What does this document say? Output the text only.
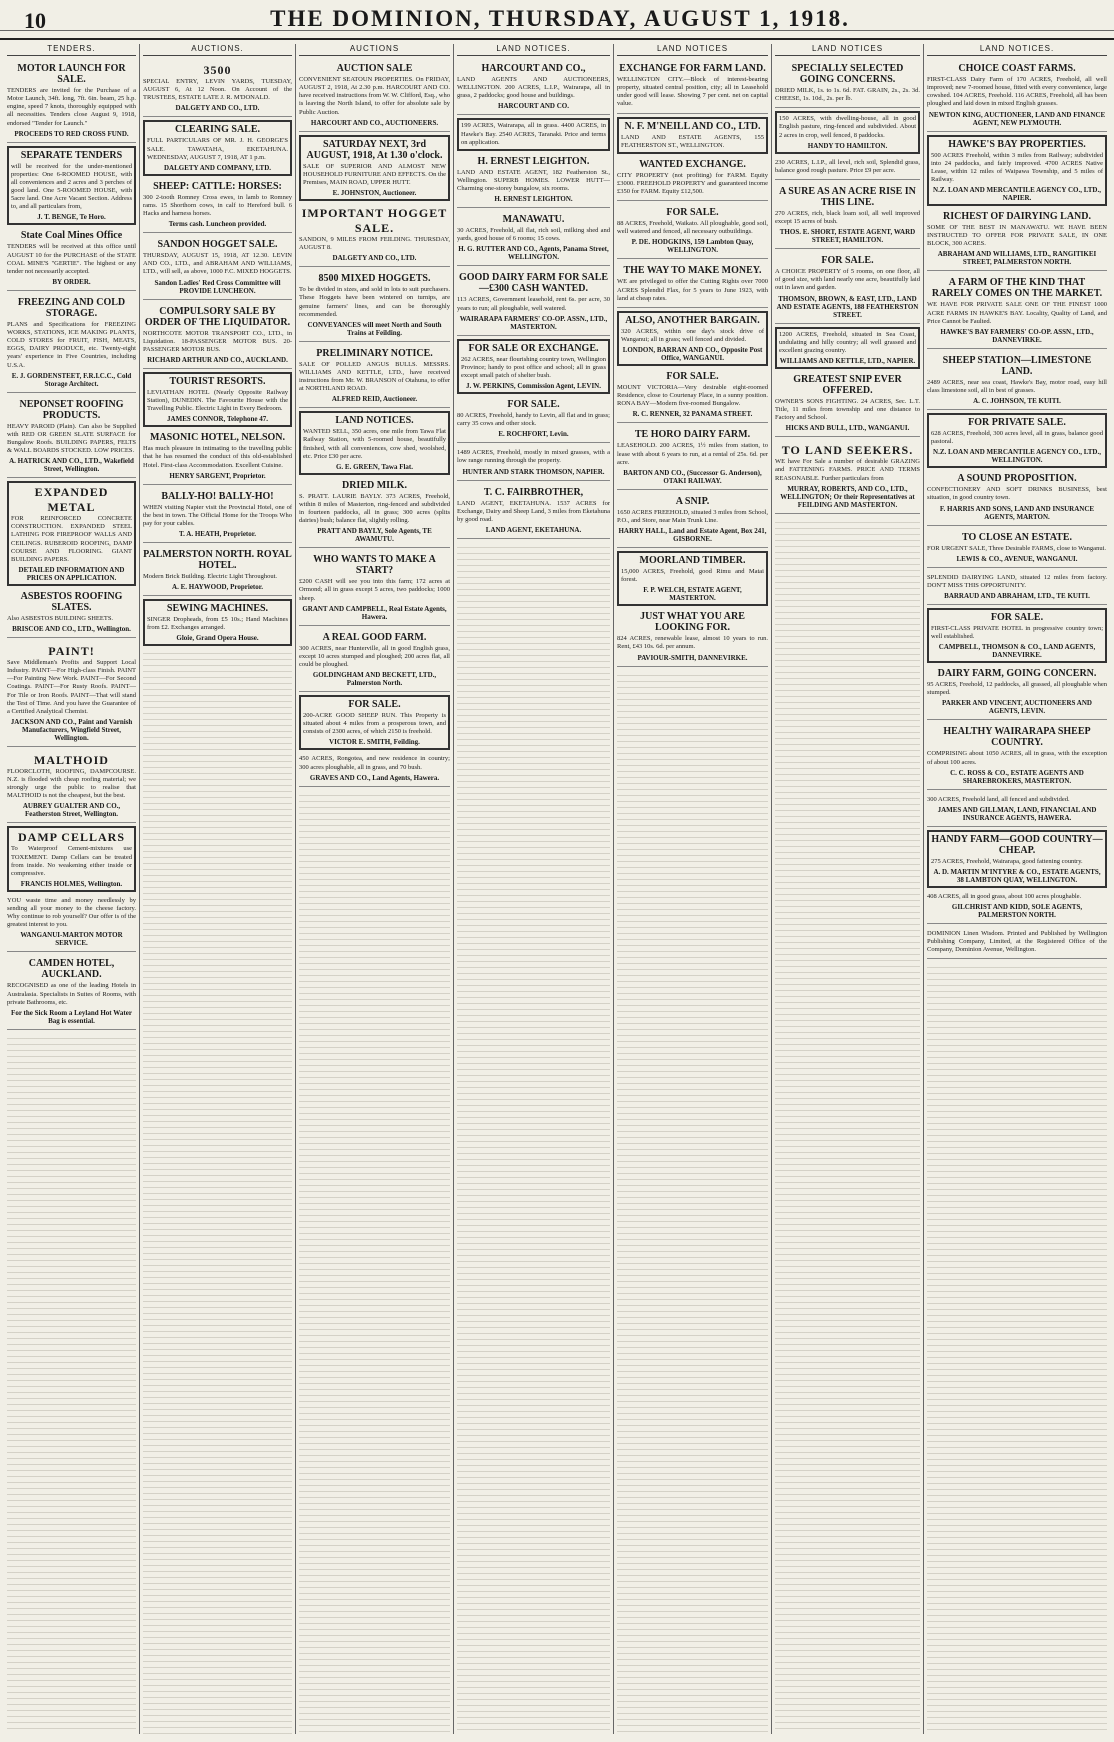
10	THE DOMINION, THURSDAY, AUGUST 1, 1918.
TENDERS.
MOTOR LAUNCH FOR SALE.

TENDERS are invited for the Purchase of a Motor Launch, 34ft. long, 7ft. 6in. beam, 25 h.p. engine, speed 7 knots, thoroughly equipped with all necessities. Tenders close August 9, 1918, endorsed "Tender for Launch."

PROCEEDS TO RED CROSS FUND.
SEPARATE TENDERS

will be received for the under-mentioned properties: One 6-ROOMED HOUSE, with all conveniences and 2 acres and 3 perches of good land. One 5-ROOMED HOUSE, with 5acre land. One Acre Vacant Section. Address to, and all particulars from,

J. T. BENGE, Te Horo.
State Coal Mines Office

TENDERS will be received at this office until AUGUST 10 for the PURCHASE of the STATE COAL MINE'S "GERTIE". The highest or any tender not necessarily accepted.

BY ORDER.
FREEZING AND COLD STORAGE.

PLANS and Specifications for FREEZING WORKS, STATIONS, ICE MAKING PLANTS, COLD STORES for FRUIT, FISH, MEATS, EGGS, DAIRY PRODUCE, etc. Twenty-eight years' experience in Five Countries, including U.S.A.

E. J. GORDENSTEET, F.R.I.C.C., Cold Storage Architect.
NEPONSET ROOFING PRODUCTS.

HEAVY PAROID (Plain). Can also be Supplied with RED OR GREEN SLATE SURFACE for Bungalow Roofs. BUILDING PAPERS, FELTS & WALL BOARDS STOCKED. LOW PRICES.

A. HATRICK AND CO., LTD., Wakefield Street, Wellington.
EXPANDED METAL

FOR REINFORCED CONCRETE CONSTRUCTION. EXPANDED STEEL LATHING FOR FIREPROOF WALLS AND CEILINGS. RUBEROID ROOFING, DAMP COURSE AND FLOORING. GIANT BUILDING PAPERS.

DETAILED INFORMATION AND PRICES ON APPLICATION.
ASBESTOS ROOFING SLATES.

Also ASBESTOS BUILDING SHEETS.

BRISCOE AND CO., LTD., Wellington.
PAINT!

Save Middleman's Profits and Support Local Industry. PAINT—For High-class Finish. PAINT—For Painting New Work. PAINT—For Second Coatings. PAINT—For Rusty Roofs. PAINT—For Tile or Iron Roofs. PAINT—That will stand the Test of Time. And you have the Guarantee of a Certified Analytical Chemist.

JACKSON AND CO., Paint and Varnish Manufacturers, Wingfield Street, Wellington.
MALTHOID

FLOORCLOTH, ROOFING, DAMPCOURSE. N.Z. is flooded with cheap roofing material; we strongly urge the public to realise that MALTHOID is not the cheapest, but the best.

AUBREY GUALTER AND CO., Featherston Street, Wellington.
DAMP CELLARS

To Waterproof Cement-mixtures use TOXEMENT. Damp Cellars can be treated from inside. No weakening either inside or compressive.

FRANCIS HOLMES, Wellington.

YOU waste time and money needlessly by sending all your money to the cheese factory. Why continue to rob yourself? Our offer is of the greatest interest to you.

WANGANUI-MARTON MOTOR SERVICE.
CAMDEN HOTEL, AUCKLAND.

RECOGNISED as one of the leading Hotels in Australasia. Specialists in Suites of Rooms, with private Bathrooms, etc.

For the Sick Room a Leyland Hot Water Bag is essential.
AUCTIONS.
3500

SPECIAL ENTRY, LEVIN YARDS, TUESDAY, AUGUST 6, At 12 Noon. On Account of the TRUSTEES, ESTATE LATE J. R. M'DONALD.

DALGETY AND CO., LTD.
CLEARING SALE.

FULL PARTICULARS OF MR. J. H. GEORGE'S SALE. TAWATAHA, EKETAHUNA. WEDNESDAY, AUGUST 7, 1918, AT 1 p.m.

DALGETY AND COMPANY, LTD.
SHEEP: CATTLE: HORSES:

300 2-tooth Romney Cross ewes, in lamb to Romney rams. 15 Shorthorn cows, in calf to Hereford bull. 6 Hacks and harness horses.

Terms cash. Luncheon provided.
SANDON HOGGET SALE.

THURSDAY, AUGUST 15, 1918, AT 12.30. LEVIN AND CO., LTD., and ABRAHAM AND WILLIAMS, LTD., will sell, as above, 1000 F.C. MIXED HOGGETS.

Sandon Ladies' Red Cross Committee will PROVIDE LUNCHEON.
COMPULSORY SALE BY ORDER OF THE LIQUIDATOR.

NORTHCOTE MOTOR TRANSPORT CO., LTD., in Liquidation. 18-PASSENGER MOTOR BUS. 20-PASSENGER MOTOR BUS.

RICHARD ARTHUR AND CO., AUCKLAND.
TOURIST RESORTS.

LEVIATHAN HOTEL (Nearly Opposite Railway Station), DUNEDIN. The Favourite House with the Travelling Public. Electric Light in Every Bedroom.

JAMES CONNOR, Telephone 47.
MASONIC HOTEL, NELSON.

Has much pleasure in intimating to the travelling public that he has resumed the conduct of this old-established Hotel. First-class Accommodation. Excellent Cuisine.

HENRY SARGENT, Proprietor.
BALLY-HO! BALLY-HO!

WHEN visiting Napier visit the Provincial Hotel, one of the best in town. The Official Home for the Troops Who pay for your cables.

T. A. HEATH, Proprietor.
PALMERSTON NORTH. ROYAL HOTEL.

Modern Brick Building. Electric Light Throughout.

A. E. HAYWOOD, Proprietor.
SEWING MACHINES.

SINGER Dropheads, from £5 10s.; Hand Machines from £2. Exchanges arranged.

Gloie, Grand Opera House.
AUCTIONS
AUCTION SALE

CONVENIENT SEATOUN PROPERTIES. On FRIDAY, AUGUST 2, 1918, At 2.30 p.m. HARCOURT AND CO. have received instructions from W. W. Clifford, Esq., who is leaving the North Island, to offer for absolute sale by Public Auction.

HARCOURT AND CO., AUCTIONEERS.
SATURDAY NEXT, 3rd AUGUST, 1918, At 1.30 o'clock.

SALE OF SUPERIOR AND ALMOST NEW HOUSEHOLD FURNITURE AND EFFECTS. On the Premises, MAIN ROAD, UPPER HUTT.

E. JOHNSTON, Auctioneer.
IMPORTANT HOGGET SALE.

SANDON, 9 MILES FROM FEILDING. THURSDAY, AUGUST 8.

DALGETY AND CO., LTD.
8500 MIXED HOGGETS.

To be divided in sizes, and sold in lots to suit purchasers. These Hoggets have been wintered on turnips, are genuine farmers' lines, and can be thoroughly recommended.

CONVEYANCES will meet North and South Trains at Feilding.
PRELIMINARY NOTICE.

SALE OF POLLED ANGUS BULLS. MESSRS. WILLIAMS AND KETTLE, LTD., have received instructions from Mr. W. BRANSON of Otahuna, to offer at NORTHLAND ROAD.

ALFRED REID, Auctioneer.
LAND NOTICES.

WANTED SELL, 350 acres, one mile from Tawa Flat Railway Station, with 5-roomed house, beautifully finished, with all conveniences, cow shed, woolshed, etc. Price £30 per acre.

G. E. GREEN, Tawa Flat.
DRIED MILK.

S. PRATT. LAURIE BAYLY. 373 ACRES, Freehold, within 8 miles of Masterton, ring-fenced and subdivided in fourteen paddocks, all in grass; 300 acres (splits dairies) bush; balance flat, slightly rolling.

PRATT AND BAYLY, Sole Agents, TE AWAMUTU.
WHO WANTS TO MAKE A START?

£200 CASH will see you into this farm; 172 acres at Ormond; all in grass except 5 acres, two paddocks; 1000 sheep.

GRANT AND CAMPBELL, Real Estate Agents, Hawera.
A REAL GOOD FARM.

300 ACRES, near Hunterville, all in good English grass, except 10 acres stumped and ploughed; 200 acres flat, all could be ploughed.

GOLDINGHAM AND BECKETT, LTD., Palmerston North.
FOR SALE.

200-ACRE GOOD SHEEP RUN. This Property is situated about 4 miles from a prosperous town, and consists of 2300 acres, of which 2150 is freehold.

VICTOR E. SMITH, Feilding.

450 ACRES, Rongotea, and new residence in country; 300 acres ploughable, all in grass, and 70 bush.

GRAVES AND CO., Land Agents, Hawera.
LAND NOTICES.
HARCOURT AND CO.,

LAND AGENTS AND AUCTIONEERS, WELLINGTON. 200 ACRES, L.I.P., Wairarapa, all in grass, 2 paddocks; good house and buildings.

HARCOURT AND CO.

199 ACRES, Wairarapa, all in grass. 4400 ACRES, in Hawke's Bay. 2540 ACRES, Taranaki. Price and terms on application.

H. ERNEST LEIGHTON.

LAND AND ESTATE AGENT, 182 Featherston St., Wellington. SUPERB HOMES. LOWER HUTT—Charming one-storey bungalow, six rooms.

H. ERNEST LEIGHTON.
MANAWATU.

30 ACRES, Freehold, all flat, rich soil, milking shed and yards, good house of 6 rooms; 15 cows.

H. G. RUTTER AND CO., Agents, Panama Street, WELLINGTON.
GOOD DAIRY FARM FOR SALE—£300 CASH WANTED.

113 ACRES, Government leasehold, rent 6s. per acre, 30 years to run; all ploughable, well watered.

WAIRARAPA FARMERS' CO-OP. ASSN., LTD., MASTERTON.
FOR SALE OR EXCHANGE.

262 ACRES, near flourishing country town, Wellington Province; handy to post office and school; all in grass except small patch of shelter bush.

J. W. PERKINS, Commission Agent, LEVIN.
FOR SALE.

80 ACRES, Freehold, handy to Levin, all flat and in grass; carry 35 cows and other stock.

E. ROCHFORT, Levin.

1489 ACRES, Freehold, mostly in mixed grasses, with a low range running through the property.

HUNTER AND STARK THOMSON, NAPIER.
T. C. FAIRBROTHER,

LAND AGENT, EKETAHUNA. 1537 ACRES for Exchange, Dairy and Sheep Land, 3 miles from Eketahuna by good road.

LAND AGENT, EKETAHUNA.
LAND NOTICES
EXCHANGE FOR FARM LAND.

WELLINGTON CITY.—Block of interest-bearing property, situated central position, city; all in Leasehold under good will lease. Showing 7 per cent. net on capital value.

N. F. M'NEILL AND CO., LTD.

LAND AND ESTATE AGENTS, 155 FEATHERSTON ST., WELLINGTON.

WANTED EXCHANGE.

CITY PROPERTY (not profiting) for FARM. Equity £3000. FREEHOLD PROPERTY and guaranteed income £350 for FARM. Equity £12,500.

FOR SALE.

88 ACRES, Freehold, Waikato. All ploughable, good soil, well watered and fenced, all necessary outbuildings.

P. DE. HODGKINS, 159 Lambton Quay, WELLINGTON.
THE WAY TO MAKE MONEY.

WE are privileged to offer the Cutting Rights over 7000 ACRES Splendid Flax, for 5 years to June 1923, with land at cheap rates.

ALSO, ANOTHER BARGAIN.

320 ACRES, within one day's stock drive of Wanganui; all in grass; well fenced and divided.

LONDON, BARRAN AND CO., Opposite Post Office, WANGANUI.
FOR SALE.

MOUNT VICTORIA—Very desirable eight-roomed Residence, close to Courtenay Place, in a sunny position. RONA BAY—Modern five-roomed Bungalow.

R. C. RENNER, 32 PANAMA STREET.
TE HORO DAIRY FARM.

LEASEHOLD. 200 ACRES, 1½ miles from station, to lease with about 6 years to run, at a rental of 25s. 6d. per acre.

BARTON AND CO., (Successor G. Anderson), OTAKI RAILWAY.
A SNIP.

1650 ACRES FREEHOLD, situated 3 miles from School, P.O., and Store, near Main Trunk Line.

HARRY HALL, Land and Estate Agent, Box 241, GISBORNE.
MOORLAND TIMBER.

15,000 ACRES, Freehold, good Rimu and Matai forest.

F. P. WELCH, ESTATE AGENT, MASTERTON.
JUST WHAT YOU ARE LOOKING FOR.

824 ACRES, renewable lease, almost 10 years to run. Rent, £43 10s. 6d. per annum.

PAVIOUR-SMITH, DANNEVIRKE.
LAND NOTICES
SPECIALLY SELECTED GOING CONCERNS.

DRIED MILK, 1s. to 1s. 6d. FAT. GRAIN, 2s., 2s. 3d. CHEESE, 1s. 10d., 2s. per lb.

150 ACRES, with dwelling-house, all in good English pasture, ring-fenced and subdivided. About 2 acres in crop, well fenced, 8 paddocks.

HANDY TO HAMILTON.

230 ACRES, L.I.P., all level, rich soil, Splendid grass, balance good rough pasture. Price £9 per acre.

A SURE AS AN ACRE RISE IN THIS LINE.

270 ACRES, rich, black loam soil, all well improved except 15 acres of bush.

THOS. E. SHORT, ESTATE AGENT, WARD STREET, HAMILTON.
FOR SALE.

A CHOICE PROPERTY of 5 rooms, on one floor, all of good size, with land nearly one acre, beautifully laid out in lawn and garden.

THOMSON, BROWN, & EAST, LTD., LAND AND ESTATE AGENTS, 188 FEATHERSTON STREET.

1200 ACRES, Freehold, situated in Sea Coast, undulating and hilly country; all well grassed and excellent grazing country.

WILLIAMS AND KETTLE, LTD., NAPIER.
GREATEST SNIP EVER OFFERED.

OWNER'S SONS FIGHTING. 24 ACRES, Sec. L.T. Title, 11 miles from township and one distance to Factory and School.

HICKS AND BULL, LTD., WANGANUI.
TO LAND SEEKERS.

WE have For Sale a number of desirable GRAZING and FATTENING FARMS. PRICE AND TERMS REASONABLE. Further particulars from

MURRAY, ROBERTS, AND CO., LTD., WELLINGTON; Or their Representatives at FEILDING AND MASTERTON.
LAND NOTICES.
CHOICE COAST FARMS.

FIRST-CLASS Dairy Farm of 170 ACRES, Freehold, all well improved; new 7-roomed house, fitted with every convenience, large cowshed. 104 ACRES, Freehold. 116 ACRES, Freehold, all has been ploughed and laid down in mixed English grasses.

NEWTON KING, AUCTIONEER, LAND AND FINANCE AGENT, NEW PLYMOUTH.
HAWKE'S BAY PROPERTIES.

500 ACRES Freehold, within 3 miles from Railway; subdivided into 24 paddocks, and fairly improved. 4700 ACRES Native Lease, within 12 miles of Waipawa Township, and 5 miles of Railway.

N.Z. LOAN AND MERCANTILE AGENCY CO., LTD., NAPIER.
RICHEST OF DAIRYING LAND.

SOME OF THE BEST IN MANAWATU. WE HAVE BEEN INSTRUCTED TO OFFER FOR PRIVATE SALE, IN ONE BLOCK, 300 ACRES.

ABRAHAM AND WILLIAMS, LTD., RANGITIKEI STREET, PALMERSTON NORTH.
A FARM OF THE KIND THAT RARELY COMES ON THE MARKET.

WE HAVE FOR PRIVATE SALE ONE OF THE FINEST 1000 ACRE FARMS IN HAWKE'S BAY. Locality, Quality of Land, and Price Cannot be Faulted.

HAWKE'S BAY FARMERS' CO-OP. ASSN., LTD., DANNEVIRKE.
SHEEP STATION—LIMESTONE LAND.

2489 ACRES, near sea coast, Hawke's Bay, motor road, easy hill class limestone soil, all in best of grasses.

A. C. JOHNSON, TE KUITI.
FOR PRIVATE SALE.

628 ACRES, Freehold, 300 acres level, all in grass, balance good pastoral.

N.Z. LOAN AND MERCANTILE AGENCY CO., LTD., WELLINGTON.
A SOUND PROPOSITION.

CONFECTIONERY AND SOFT DRINKS BUSINESS, best situation, in good country town.

F. HARRIS AND SONS, LAND AND INSURANCE AGENTS, MARTON.
TO CLOSE AN ESTATE.

FOR URGENT SALE, Three Desirable FARMS, close to Wanganui.

LEWIS & CO., AVENUE, WANGANUI.

SPLENDID DAIRYING LAND, situated 12 miles from factory. DON'T MISS THIS OPPORTUNITY.

BARRAUD AND ABRAHAM, LTD., TE KUITI.
FOR SALE.

FIRST-CLASS PRIVATE HOTEL in progressive country town; well established.

CAMPBELL, THOMSON & CO., LAND AGENTS, DANNEVIRKE.
DAIRY FARM, GOING CONCERN.

95 ACRES, Freehold, 12 paddocks, all grassed, all ploughable when stumped.

PARKER AND VINCENT, AUCTIONEERS AND AGENTS, LEVIN.
HEALTHY WAIRARAPA SHEEP COUNTRY.

COMPRISING about 1050 ACRES, all in grass, with the exception of about 100 acres.

C. C. ROSS & CO., ESTATE AGENTS AND SHAREBROKERS, MASTERTON.

300 ACRES, Freehold land, all fenced and subdivided.

JAMES AND GILLMAN, LAND, FINANCIAL AND INSURANCE AGENTS, HAWERA.
HANDY FARM—GOOD COUNTRY—CHEAP.

275 ACRES, Freehold, Wairarapa, good fattening country.

A. D. MARTIN M'INTYRE & CO., ESTATE AGENTS, 38 LAMBTON QUAY, WELLINGTON.

408 ACRES, all in good grass, about 100 acres ploughable.

GILCHRIST AND KIDD, SOLE AGENTS, PALMERSTON NORTH.

DOMINION Linen Wisdom. Printed and Published by Wellington Publishing Company, Limited, at the Registered Office of the Company, Dominion Avenue, Wellington.
